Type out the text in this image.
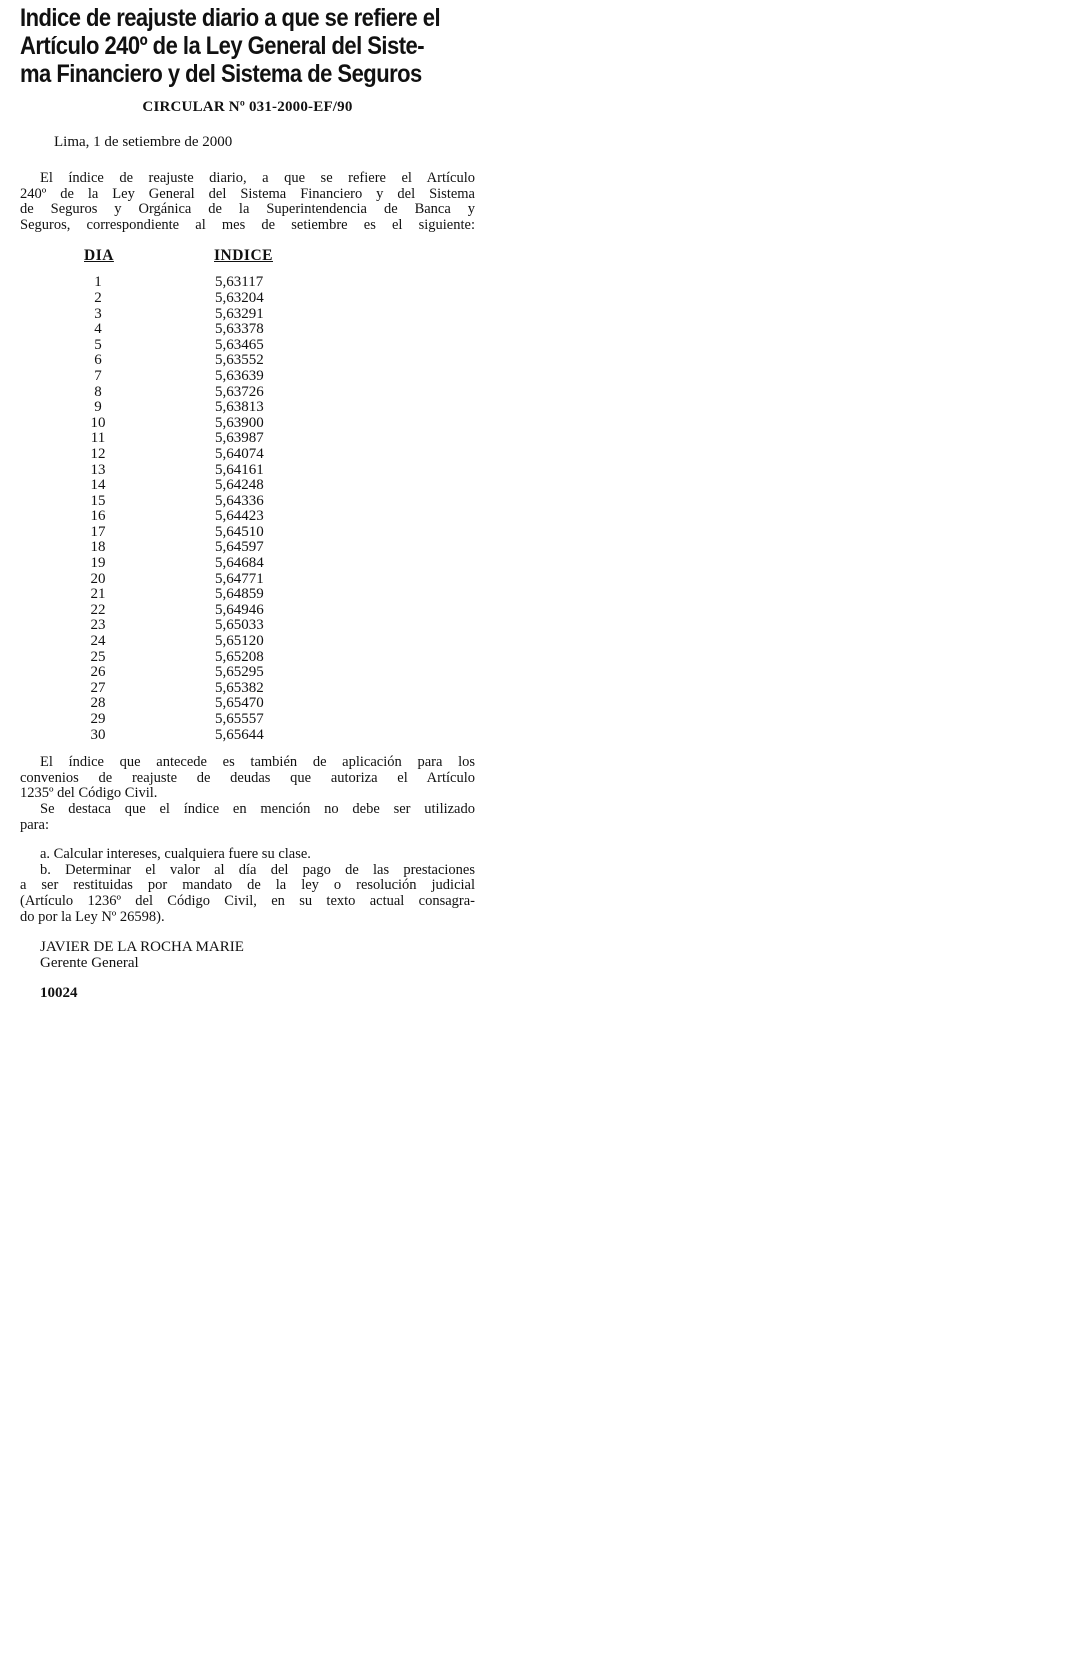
Indice de reajuste diario a que se refiere el
Artículo 240º de la Ley General del Siste-
ma Financiero y del Sistema de Seguros

CIRCULAR Nº 031-2000-EF/90

Lima, 1 de setiembre de 2000

El índice de reajuste diario, a que se refiere el Artículo
240º de la Ley General del Sistema Financiero y del Sistema
de Seguros y Orgánica de la Superintendencia de Banca y
Seguros, correspondiente al mes de setiembre es el siguiente:

DIA	INDICE
1	5,63117
2	5,63204
3	5,63291
4	5,63378
5	5,63465
6	5,63552
7	5,63639
8	5,63726
9	5,63813
10	5,63900
11	5,63987
12	5,64074
13	5,64161
14	5,64248
15	5,64336
16	5,64423
17	5,64510
18	5,64597
19	5,64684
20	5,64771
21	5,64859
22	5,64946
23	5,65033
24	5,65120
25	5,65208
26	5,65295
27	5,65382
28	5,65470
29	5,65557
30	5,65644

El índice que antecede es también de aplicación para los
convenios de reajuste de deudas que autoriza el Artículo
1235º del Código Civil.
Se destaca que el índice en mención no debe ser utilizado
para:

a. Calcular intereses, cualquiera fuere su clase.
b. Determinar el valor al día del pago de las prestaciones
a ser restituidas por mandato de la ley o resolución judicial
(Artículo 1236º del Código Civil, en su texto actual consagra-
do por la Ley Nº 26598).

JAVIER DE LA ROCHA MARIE
Gerente General

10024
